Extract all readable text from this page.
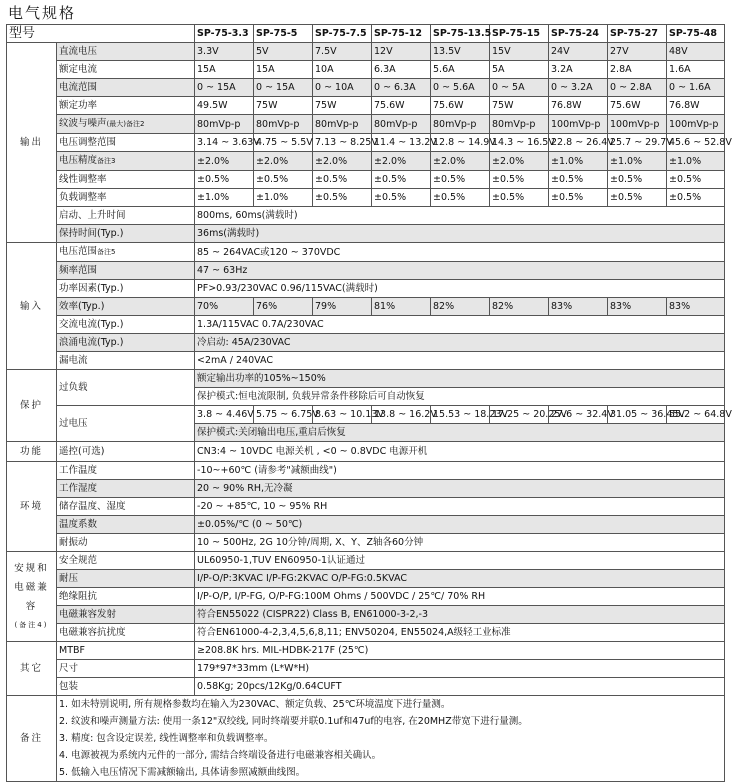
电气规格
型号		SP-75-3.3	SP-75-5	SP-75-7.5	SP-75-12	SP-75-13.5	SP-75-15	SP-75-24	SP-75-27	SP-75-48
输出	直流电压	3.3V	5V	7.5V	12V	13.5V	15V	24V	27V	48V
	额定电流	15A	15A	10A	6.3A	5.6A	5A	3.2A	2.8A	1.6A
	电流范围	0 ~ 15A	0 ~ 15A	0 ~ 10A	0 ~ 6.3A	0 ~ 5.6A	0 ~ 5A	0 ~ 3.2A	0 ~ 2.8A	0 ~ 1.6A
	额定功率	49.5W	75W	75W	75.6W	75.6W	75W	76.8W	75.6W	76.8W
	纹波与噪声(最大)备注2	80mVp-p	80mVp-p	80mVp-p	80mVp-p	80mVp-p	80mVp-p	100mVp-p	100mVp-p	100mVp-p
	电压调整范围	3.14 ~ 3.63V	4.75 ~ 5.5V	7.13 ~ 8.25V	11.4 ~ 13.2V	12.8 ~ 14.9V	14.3 ~ 16.5V	22.8 ~ 26.4V	25.7 ~ 29.7V	45.6 ~ 52.8V
	电压精度备注3	±2.0%	±2.0%	±2.0%	±2.0%	±2.0%	±2.0%	±1.0%	±1.0%	±1.0%
	线性调整率	±0.5%	±0.5%	±0.5%	±0.5%	±0.5%	±0.5%	±0.5%	±0.5%	±0.5%
	负载调整率	±1.0%	±1.0%	±0.5%	±0.5%	±0.5%	±0.5%	±0.5%	±0.5%	±0.5%
	启动、上升时间	800ms, 60ms(满载时)								
	保持时间(Typ.)	36ms(满载时)								
输入	电压范围备注5	85 ~ 264VAC或120 ~ 370VDC								
	频率范围	47 ~ 63Hz								
	功率因素(Typ.)	PF>0.93/230VAC 0.96/115VAC(满载时)								
	效率(Typ.)	70%	76%	79%	81%	82%	82%	83%	83%	83%
	交流电流(Typ.)	1.3A/115VAC 0.7A/230VAC								
	浪涌电流(Typ.)	冷启动: 45A/230VAC								
	漏电流	<2mA / 240VAC								
保护	过负载	额定输出功率的105%~150%								
		保护模式:恒电流限制, 负载异常条件移除后可自动恢复								
	过电压	3.8 ~ 4.46V	5.75 ~ 6.75V	8.63 ~ 10.13V	13.8 ~ 16.2V	15.53 ~ 18.23V	17.25 ~ 20.25V	27.6 ~ 32.4V	31.05 ~ 36.45V	55.2 ~ 64.8V
		保护模式:关闭输出电压,重启后恢复								
功能	遥控(可选)	CN3:4 ~ 10VDC 电源关机 , <0 ~ 0.8VDC 电源开机								
环境	工作温度	-10~+60℃ (请参考"减额曲线")								
	工作湿度	20 ~ 90% RH,无冷凝								
	储存温度、湿度	-20 ~ +85℃, 10 ~ 95% RH								
	温度系数	±0.05%/℃ (0 ~ 50℃)								
	耐振动	10 ~ 500Hz, 2G 10分钟/周期, X、Y、Z轴各60分钟								

安规和电磁兼容
(备注4)	安全规范	UL60950-1,TUV EN60950-1认证通过								
	耐压	I/P-O/P:3KVAC I/P-FG:2KVAC O/P-FG:0.5KVAC								
	绝缘阻抗	I/P-O/P, I/P-FG, O/P-FG:100M Ohms / 500VDC / 25℃/ 70% RH								
	电磁兼容发射	符合EN55022 (CISPR22) Class B, EN61000-3-2,-3								
	电磁兼容抗扰度	符合EN61000-4-2,3,4,5,6,8,11; ENV50204, EN55024,A级轻工业标准								
其它	MTBF	≥208.8K hrs. MIL-HDBK-217F (25℃)								
	尺寸	179*97*33mm (L*W*H)								
	包装	0.58Kg; 20pcs/12Kg/0.64CUFT								
备注	1. 如未特别说明, 所有规格参数均在输入为230VAC、额定负载、25℃环境温度下进行量测。
2. 纹波和噪声测量方法: 使用一条12"双绞线, 同时终端要并联0.1uf和47uf的电容, 在20MHZ带宽下进行量测。
3. 精度: 包含设定误差, 线性调整率和负载调整率。
4. 电源被视为系统内元件的一部分, 需结合终端设备进行电磁兼容相关确认。
5. 低输入电压情况下需减额输出, 具体请参照减额曲线图。									
